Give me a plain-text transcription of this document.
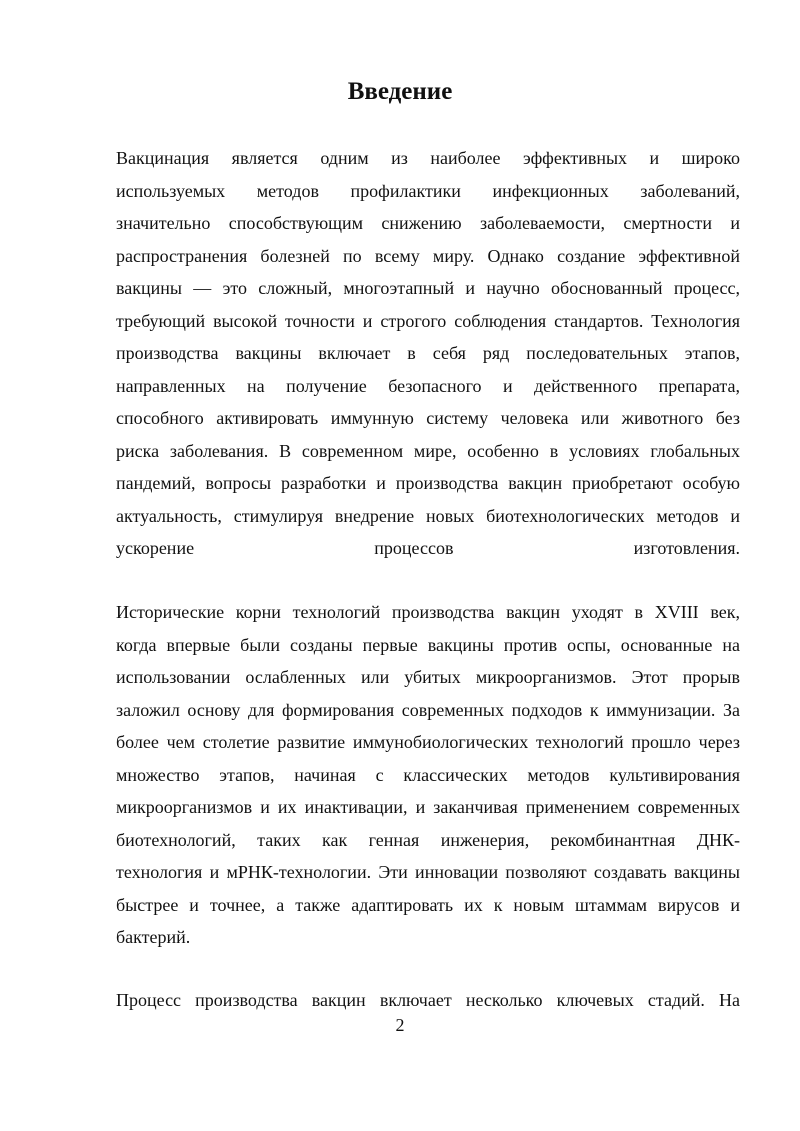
Введение
Вакцинация является одним из наиболее эффективных и широко
используемых методов профилактики инфекционных заболеваний,
значительно способствующим снижению заболеваемости, смертности и
распространения болезней по всему миру. Однако создание эффективной
вакцины — это сложный, многоэтапный и научно обоснованный процесс,
требующий высокой точности и строгого соблюдения стандартов. Технология
производства вакцины включает в себя ряд последовательных этапов,
направленных на получение безопасного и действенного препарата,
способного активировать иммунную систему человека или животного без
риска заболевания. В современном мире, особенно в условиях глобальных
пандемий, вопросы разработки и производства вакцин приобретают особую
актуальность, стимулируя внедрение новых биотехнологических методов и
ускорение процессов изготовления.
Исторические корни технологий производства вакцин уходят в XVIII век,
когда впервые были созданы первые вакцины против оспы, основанные на
использовании ослабленных или убитых микроорганизмов. Этот прорыв
заложил основу для формирования современных подходов к иммунизации. За
более чем столетие развитие иммунобиологических технологий прошло через
множество этапов, начиная с классических методов культивирования
микроорганизмов и их инактивации, и заканчивая применением современных
биотехнологий, таких как генная инженерия, рекомбинантная ДНК-
технология и мРНК-технологии. Эти инновации позволяют создавать вакцины
быстрее и точнее, а также адаптировать их к новым штаммам вирусов и
бактерий.
Процесс производства вакцин включает несколько ключевых стадий. На
2
